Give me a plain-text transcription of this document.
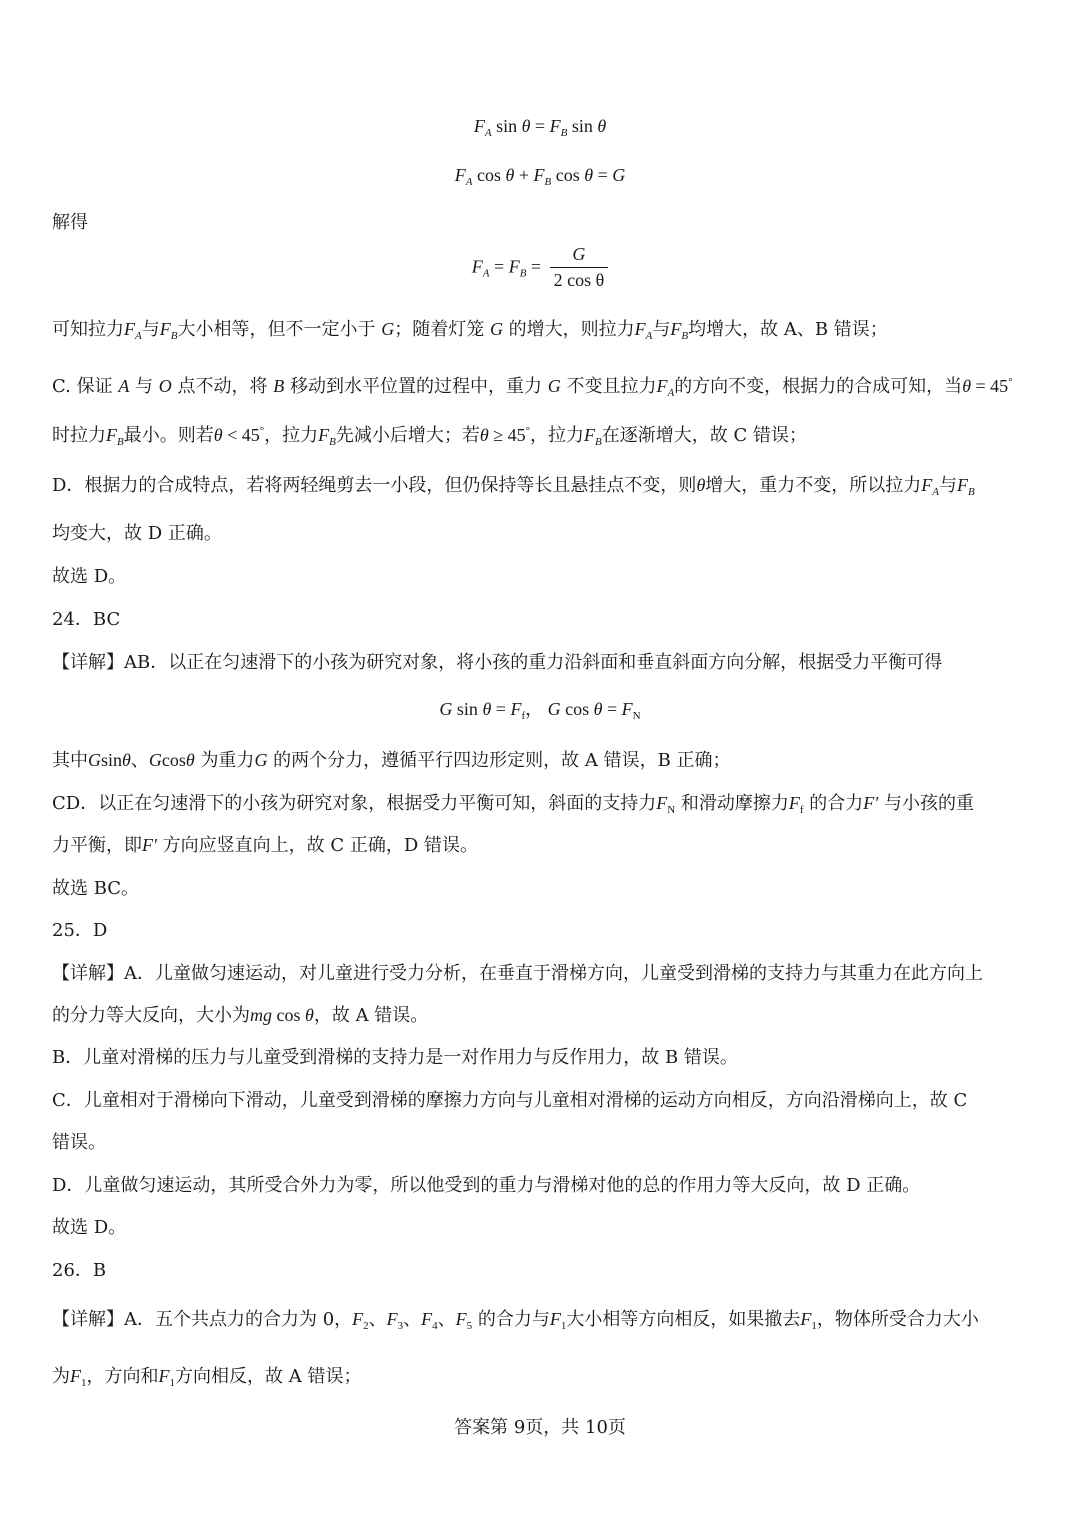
$F_A$ $\sin \theta = F_B$ sin θ
$F_A$ $\cos \theta + F_B$ cos θ = G
解得
$F_A = F_B = \frac{G}{\text{2 cos θ}}$
可知拉力$F_A$与$F_B$大小相等，但不一定小于 G；随着灯笼 G 的增大，则拉力$F_A$与$F_B$均增大，故 A、B 错误；
C. 保证 A 与 O 点不动，将 B 移动到水平位置的过程中，重力 G 不变且拉力$F_A$的方向不变，根据力的合成可知，当θ = 45°
时拉力$F_B$最小。则若θ < 45°，拉力$F_B$先减小后增大；若θ ≥ 45°，拉力$F_B$在逐渐增大，故 C 错误；
D．根据力的合成特点，若将两轻绳剪去一小段，但仍保持等长且悬挂点不变，则θ增大，重力不变，所以拉力$F_A$与$F_B$
均变大，故 D 正确。
故选 D。
24．BC
【详解】AB．以正在匀速滑下的小孩为研究对象，将小孩的重力沿斜面和垂直斜面方向分解，根据受力平衡可得
G $\sin \theta = F_f$， G $\cos \theta = F_N$
其中Gsinθ、Gcosθ 为重力G 的两个分力，遵循平行四边形定则，故 A 错误，B 正确；
CD．以正在匀速滑下的小孩为研究对象，根据受力平衡可知，斜面的支持力$F_N$ 和滑动摩擦力$F_f$ 的合力F′ 与小孩的重
力平衡，即F′ 方向应竖直向上，故 C 正确，D 错误。
故选 BC。
25．D
【详解】A．儿童做匀速运动，对儿童进行受力分析，在垂直于滑梯方向，儿童受到滑梯的支持力与其重力在此方向上
的分力等大反向，大小为mg cos θ，故 A 错误。
B．儿童对滑梯的压力与儿童受到滑梯的支持力是一对作用力与反作用力，故 B 错误。
C．儿童相对于滑梯向下滑动，儿童受到滑梯的摩擦力方向与儿童相对滑梯的运动方向相反，方向沿滑梯向上，故 C
错误。
D．儿童做匀速运动，其所受合外力为零，所以他受到的重力与滑梯对他的总的作用力等大反向，故 D 正确。
故选 D。
26．B
【详解】A．五个共点力的合力为 0，$F_2$、$F_3$、$F_4$、$F_5$ 的合力与$F_1$大小相等方向相反，如果撤去$F_1$，物体所受合力大小
为$F_1$，方向和$F_1$方向相反，故 A 错误；
答案第 9页，共 10页
